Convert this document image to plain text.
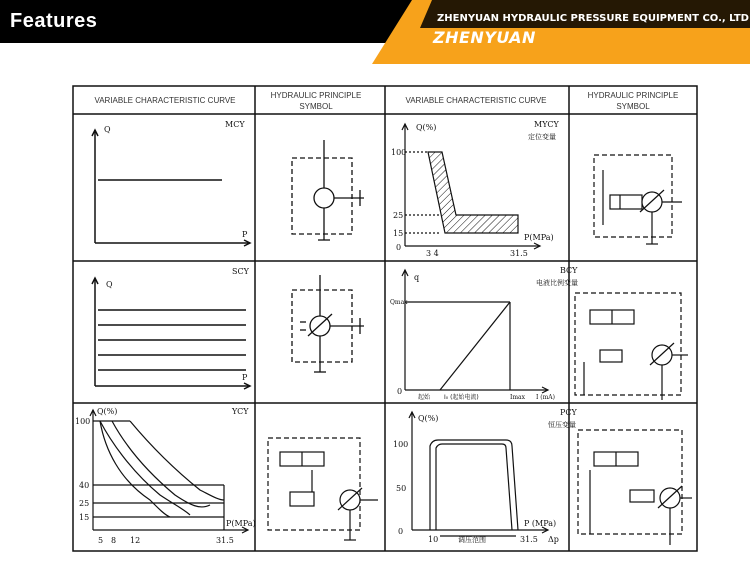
Features	ZHENYUAN HYDRAULIC PRESSURE EQUIPMENT CO., LTD
ZHENYUAN
VARIABLE CHARACTERISTIC CURVE
HYDRAULIC PRINCIPLE
SYMBOL
VARIABLE CHARACTERISTIC CURVE
HYDRAULIC PRINCIPLE
SYMBOL
Q
MCY
P
Q
SCY
P
Q(%)	YCY
100
40
25
15
P(MPa)
5 8 12	31.5
Q(%)	MYCY
定位变量
100
25
15
0
P(MPa)
3 4	31.5
q
BCY
电液比例变量
Qmax
0
起始 I₀ (起始电流)	Imax I (mA)
Q(%)
PCY
恒压变量
100
50
0
P (MPa)
10	调压范围	31.5 Δp
